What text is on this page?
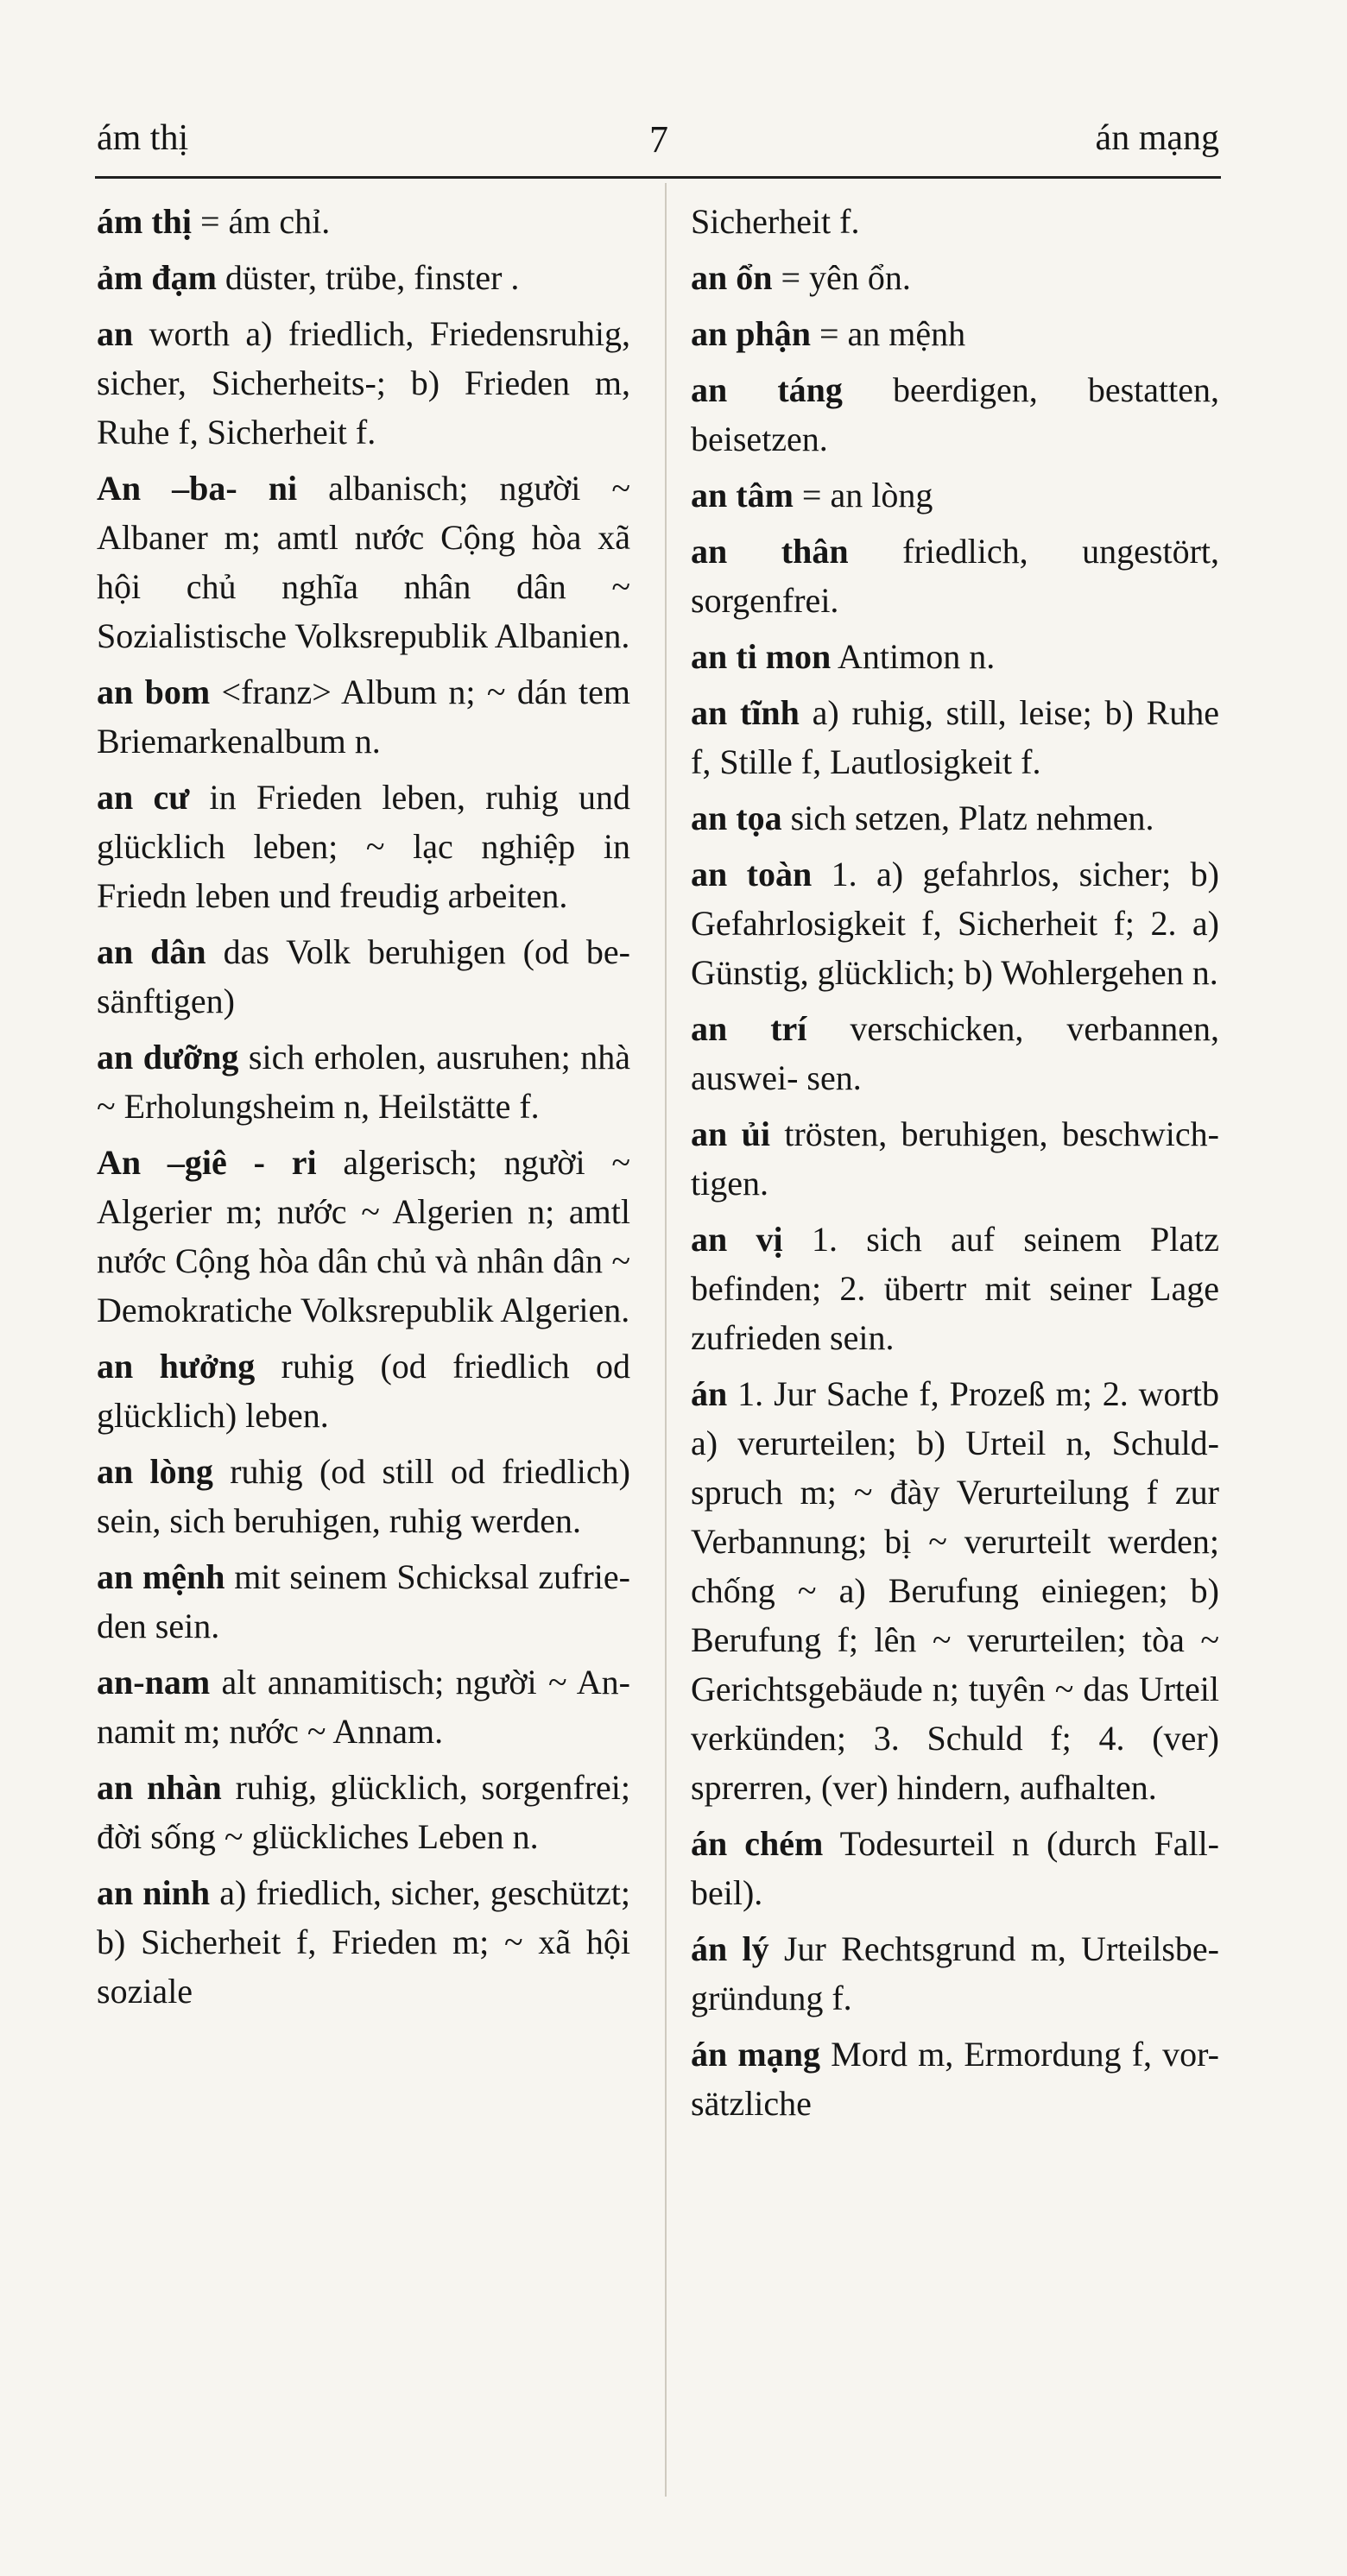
ám thị	7	án mạng

ám thị = ám chỉ.

ảm đạm düster, trübe, finster .

an worth a) friedlich, Friedensruhig, sicher, Sicherheits-; b) Frieden m, Ruhe f, Sicherheit f.

An –ba- ni albanisch; người ~ Albaner m; amtl nước Cộng hòa xã hội chủ nghĩa nhân dân ~ Sozialistische Volksrepublik Albanien.

an bom <franz> Album n; ~ dán tem Briemarkenalbum n.

an cư in Frieden leben, ruhig und glücklich leben; ~ lạc nghiệp in Friedn leben und freudig arbeiten.

an dân das Volk beruhigen (od be- sänftigen)

an dưỡng sich erholen, ausruhen; nhà ~ Erholungsheim n, Heilstätte f.

An –giê - ri algerisch; người ~ Algerier m; nước ~ Algerien n; amtl nước Cộng hòa dân chủ và nhân dân ~ Demokratiche Volksrepublik Algerien.

an hưởng ruhig (od friedlich od glücklich) leben.

an lòng ruhig (od still od friedlich) sein, sich beruhigen, ruhig werden.

an mệnh mit seinem Schicksal zufrie- den sein.

an-nam alt annamitisch; người ~ An- namit m; nước ~ Annam.

an nhàn ruhig, glücklich, sorgenfrei; đời sống ~ glückliches Leben n.

an ninh a) friedlich, sicher, geschützt; b) Sicherheit f, Frieden m; ~ xã hội soziale

Sicherheit f.

an ổn = yên ổn.

an phận = an mệnh

an táng beerdigen, bestatten, beisetzen.

an tâm = an lòng

an thân friedlich, ungestört, sorgenfrei.

an ti mon Antimon n.

an tĩnh a) ruhig, still, leise; b) Ruhe f, Stille f, Lautlosigkeit f.

an tọa sich setzen, Platz nehmen.

an toàn 1. a) gefahrlos, sicher; b) Gefahrlosigkeit f, Sicherheit f; 2. a) Günstig, glücklich; b) Wohlergehen n.

an trí verschicken, verbannen, auswei- sen.

an ủi trösten, beruhigen, beschwich- tigen.

an vị 1. sich auf seinem Platz befinden; 2. übertr mit seiner Lage zufrieden sein.

án 1. Jur Sache f, Prozeß m; 2. wortb a) verurteilen; b) Urteil n, Schuld- spruch m; ~ đày Verurteilung f zur Verbannung; bị ~ verurteilt werden; chống ~ a) Berufung einiegen; b) Berufung f; lên ~ verurteilen; tòa ~ Gerichtsgebäude n; tuyên ~ das Urteil verkünden; 3. Schuld f; 4. (ver) sprerren, (ver) hindern, aufhalten.

án chém Todesurteil n (durch Fall- beil).

án lý Jur Rechtsgrund m, Urteilsbe- gründung f.

án mạng Mord m, Ermordung f, vor- sätzliche
